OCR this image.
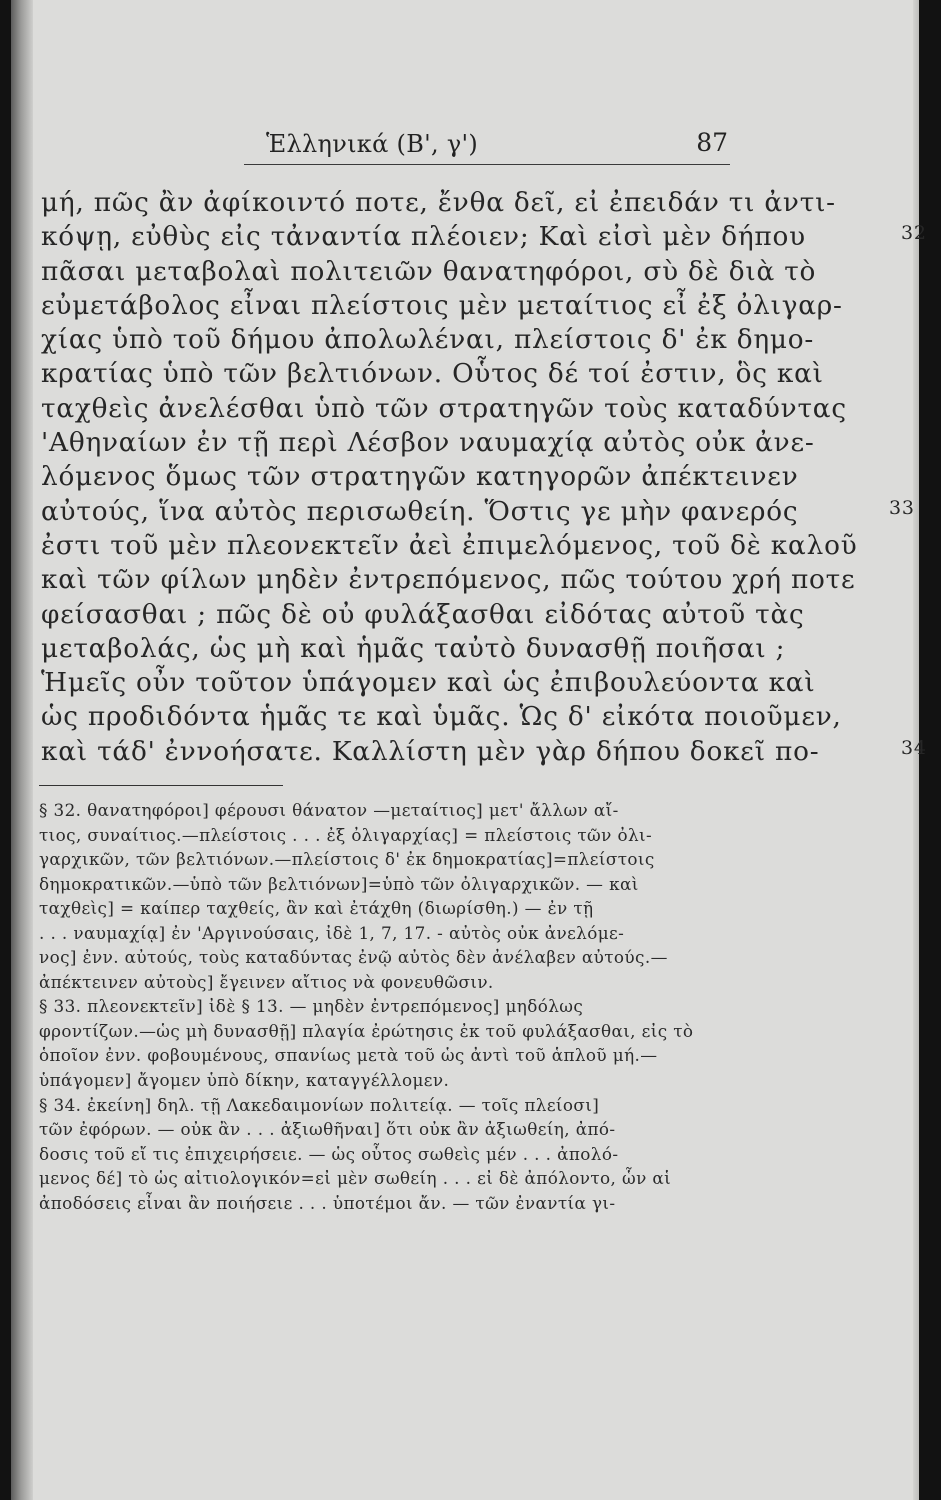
Ἑλληνικά (Β', γ')	87
μή, πῶς ἂν ἀφίκοιντό ποτε, ἔνθα δεῖ, εἰ ἐπειδάν τι ἀντι-
κόψῃ, εὐθὺς εἰς τἀναντία πλέοιεν; Καὶ εἰσὶ μὲν δήπου	32
πᾶσαι μεταβολαὶ πολιτειῶν θανατηφόροι, σὺ δὲ διὰ τὸ
εὐμετάβολος εἶναι πλείστοις μὲν μεταίτιος εἶ ἐξ ὀλιγαρ-
χίας ὑπὸ τοῦ δήμου ἀπολωλέναι, πλείστοις δ' ἐκ δημο-
κρατίας ὑπὸ τῶν βελτιόνων. Οὗτος δέ τοί ἐστιν, ὃς καὶ
ταχθεὶς ἀνελέσθαι ὑπὸ τῶν στρατηγῶν τοὺς καταδύντας
'Αθηναίων ἐν τῇ περὶ Λέσβον ναυμαχίᾳ αὐτὸς οὐκ ἀνε-
λόμενος ὅμως τῶν στρατηγῶν κατηγορῶν ἀπέκτεινεν
αὐτούς, ἵνα αὐτὸς περισωθείη. Ὅστις γε μὴν φανερός	33
ἐστι τοῦ μὲν πλεονεκτεῖν ἀεὶ ἐπιμελόμενος, τοῦ δὲ καλοῦ
καὶ τῶν φίλων μηδὲν ἐντρεπόμενος, πῶς τούτου χρή ποτε
φείσασθαι ; πῶς δὲ οὐ φυλάξασθαι εἰδότας αὐτοῦ τὰς
μεταβολάς, ὡς μὴ καὶ ἡμᾶς ταὐτὸ δυνασθῇ ποιῆσαι ;
Ἡμεῖς οὖν τοῦτον ὑπάγομεν καὶ ὡς ἐπιβουλεύοντα καὶ
ὡς προδιδόντα ἡμᾶς τε καὶ ὑμᾶς. Ὡς δ' εἰκότα ποιοῦμεν,
καὶ τάδ' ἐννοήσατε. Καλλίστη μὲν γὰρ δήπου δοκεῖ πο-	34
§ 32. θανατηφόροι] φέρουσι θάνατον —μεταίτιος] μετ' ἄλλων αἴ-
τιος, συναίτιος.—πλείστοις . . . ἐξ ὀλιγαρχίας] = πλείστοις τῶν ὀλι-
γαρχικῶν, τῶν βελτιόνων.—πλείστοις δ' ἐκ δημοκρατίας]=πλείστοις
δημοκρατικῶν.—ὑπὸ τῶν βελτιόνων]=ὑπὸ τῶν ὀλιγαρχικῶν. — καὶ
ταχθεὶς] = καίπερ ταχθείς, ἂν καὶ ἐτάχθη (διωρίσθη.) — ἐν τῇ
. . . ναυμαχίᾳ] ἐν 'Αργινούσαις, ἰδὲ 1, 7, 17. - αὐτὸς οὐκ ἀνελόμε-
νος] ἐνν. αὐτούς, τοὺς καταδύντας ἐνῷ αὐτὸς δὲν ἀνέλαβεν αὐτούς.—
ἀπέκτεινεν αὐτοὺς] ἔγεινεν αἴτιος νὰ φονευθῶσιν.
§ 33. πλεονεκτεῖν] ἰδὲ § 13. — μηδὲν ἐντρεπόμενος] μηδόλως
φροντίζων.—ὡς μὴ δυνασθῇ] πλαγία ἐρώτησις ἐκ τοῦ φυλάξασθαι, εἰς τὸ
ὁποῖον ἐνν. φοβουμένους, σπανίως μετὰ τοῦ ὡς ἀντὶ τοῦ ἁπλοῦ μή.—
ὑπάγομεν] ἄγομεν ὑπὸ δίκην, καταγγέλλομεν.
§ 34. ἐκείνη] δηλ. τῇ Λακεδαιμονίων πολιτείᾳ. — τοῖς πλείοσι]
τῶν ἐφόρων. — οὐκ ἂν . . . ἀξιωθῆναι] ὅτι οὐκ ἂν ἀξιωθείη, ἀπό-
δοσις τοῦ εἴ τις ἐπιχειρήσειε. — ὡς οὗτος σωθεὶς μέν . . . ἀπολό-
μενος δέ] τὸ ὡς αἰτιολογικόν=εἰ μὲν σωθείη . . . εἰ δὲ ἀπόλοντο, ὧν αἱ
ἀποδόσεις εἶναι ἂν ποιήσειε . . . ὑποτέμοι ἄν. — τῶν ἐναντία γι-
